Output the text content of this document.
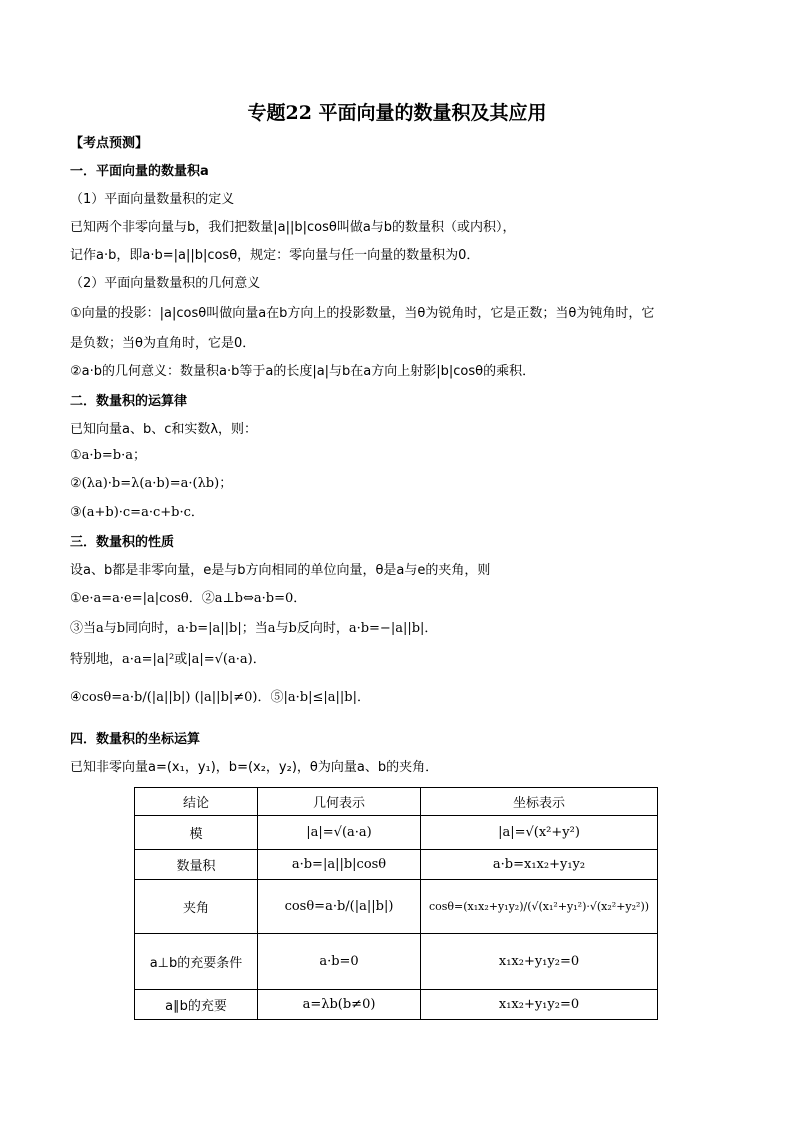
专题22 平面向量的数量积及其应用
【考点预测】
一．平面向量的数量积a
（1）平面向量数量积的定义
已知两个非零向量与b，我们把数量|a||b|cosθ叫做a与b的数量积（或内积），
记作a·b，即a·b=|a||b|cosθ，规定：零向量与任一向量的数量积为0．
（2）平面向量数量积的几何意义
①向量的投影：|a|cosθ叫做向量a在b方向上的投影数量，当θ为锐角时，它是正数；当θ为钝角时，它
是负数；当θ为直角时，它是0．
②a·b的几何意义：数量积a·b等于a的长度|a|与b在a方向上射影|b|cosθ的乘积．
二．数量积的运算律
已知向量a、b、c和实数λ，则：
①a·b=b·a；
②(λa)·b=λ(a·b)=a·(λb)；
③(a+b)·c=a·c+b·c．
三．数量积的性质
设a、b都是非零向量，e是与b方向相同的单位向量，θ是a与e的夹角，则
①e·a=a·e=|a|cosθ．②a⊥b⇔a·b=0．
③当a与b同向时，a·b=|a||b|；当a与b反向时，a·b=−|a||b|．
特别地，a·a=|a|²或|a|=√(a·a)．
④cosθ=a·b/(|a||b|) (|a||b|≠0)．⑤|a·b|≤|a||b|．
四．数量积的坐标运算
已知非零向量a=(x₁，y₁)，b=(x₂，y₂)，θ为向量a、b的夹角．
结论	几何表示	坐标表示
模	|a|=√(a·a)	|a|=√(x²+y²)
数量积	a·b=|a||b|cosθ	a·b=x₁x₂+y₁y₂
夹角	cosθ=a·b/(|a||b|)	cosθ=(x₁x₂+y₁y₂)/(√(x₁²+y₁²)·√(x₂²+y₂²))
a⊥b的充要条件	a·b=0	x₁x₂+y₁y₂=0
a∥b的充要	a=λb(b≠0)	x₁x₂+y₁y₂=0
